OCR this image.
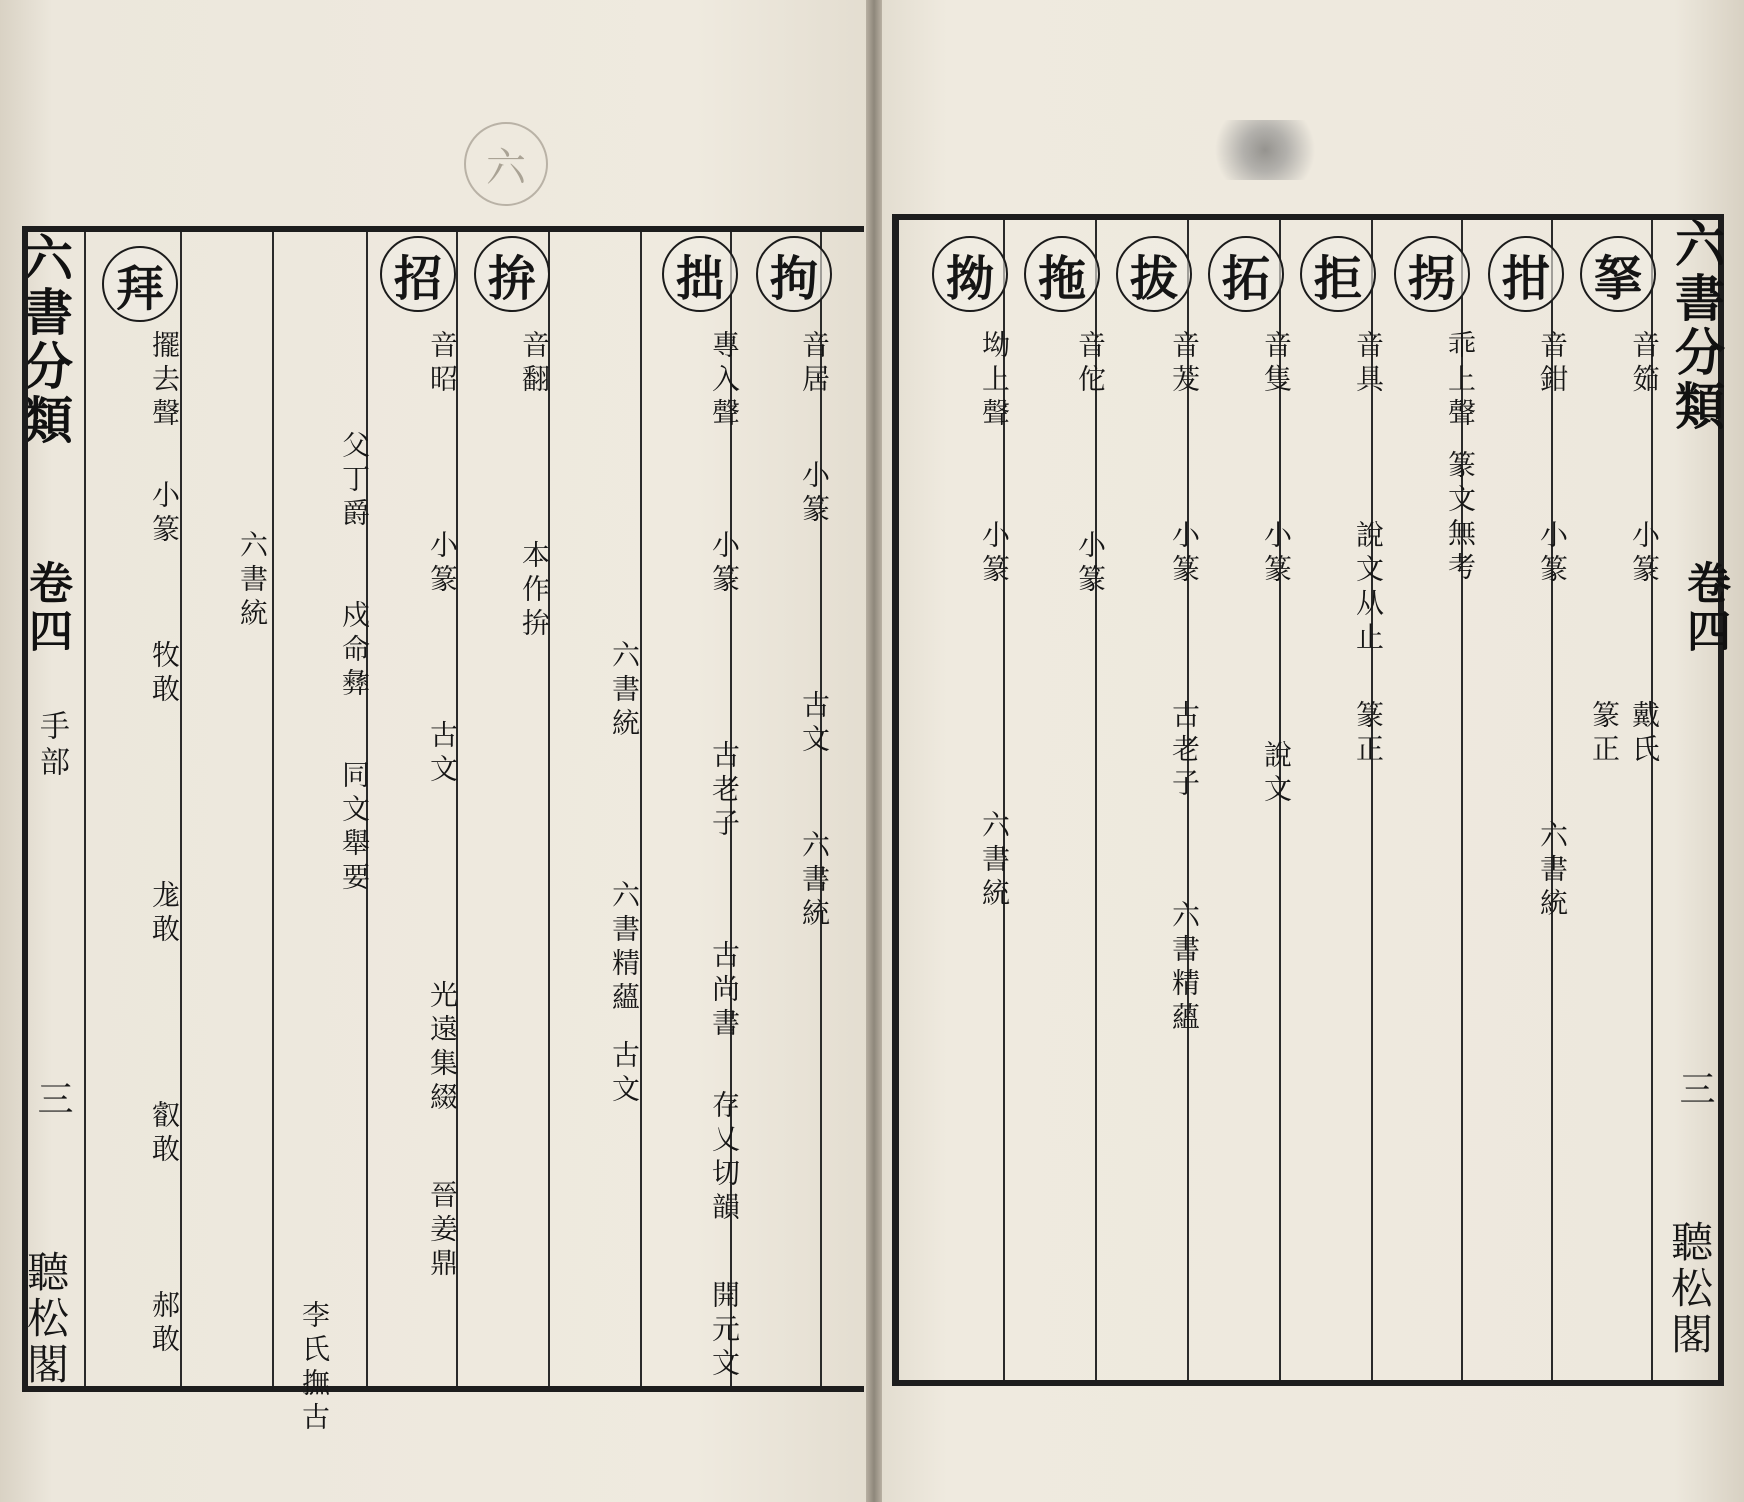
六
六書分類
卷四
手部
三
聽松閣
拘
音居
小篆
古文
六書統
拙
專入聲
小篆
古老子
古尚書
存乂切韻
開元文
拚
音翻
本作拚
六書統
六書精蘊
古文
招
音昭
小篆
古文
父丁爵
戍命彝
同文舉要
光遠集綴
晉姜鼎
李氏撫古
拜
擺去聲
小篆
六書統
牧敢
尨敢
叡敢
郝敢
六書分類
卷四
三
聽松閣
拏
拑
拐
拒
拓
拔
拖
拗
音筎
小篆
戴氏
篆正
音鉗
小篆
六書統
乖上聲
篆文無考
音具
說文从止
篆正
音隻
小篆
說文
音茇
小篆
古老子
六書精蘊
音佗
小篆
坳上聲
小篆
六書統
